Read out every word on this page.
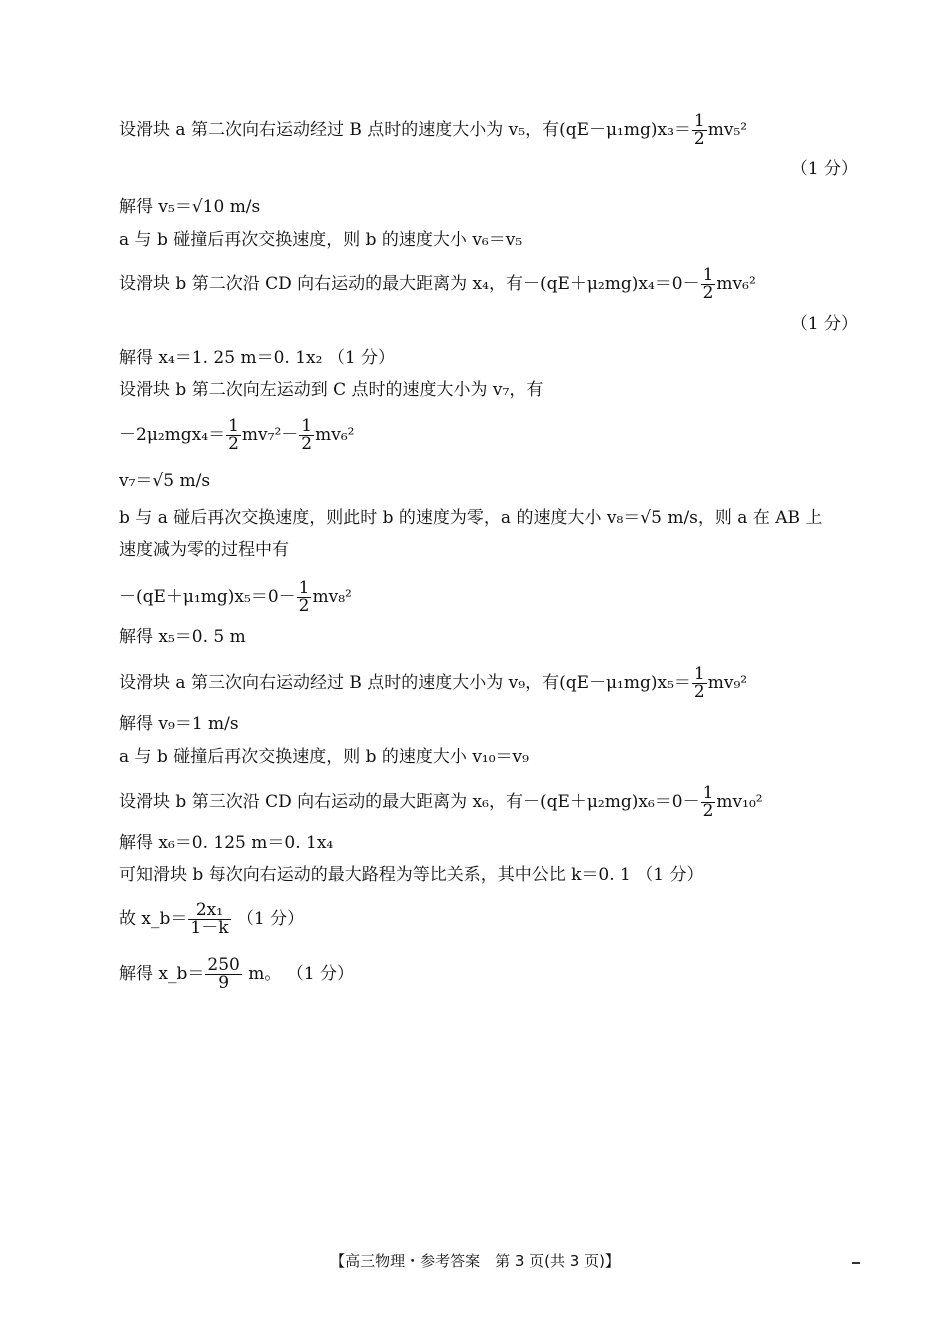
设滑块 a 第二次向右运动经过 B 点时的速度大小为 v₅，有$(qE-\mu_1mg)x_3= \frac{1}{2} mv_5^2$
（1 分）
解得 v₅＝√10 m/s
a 与 b 碰撞后再次交换速度，则 b 的速度大小 v₆＝v₅
设滑块 b 第二次沿 CD 向右运动的最大距离为 x₄，有$-(qE+\mu_2mg)x_4=0- \frac{1}{2} mv_6^2$
（1 分）
解得 x₄＝1. 25 m＝0. 1x₂ （1 分）
设滑块 b 第二次向左运动到 C 点时的速度大小为 v₇，有
$-2\mu_2mgx_4= \frac{1}{2} mv_7^2- \frac{1}{2} mv_6^2$
v₇＝√5 m/s
b 与 a 碰后再次交换速度，则此时 b 的速度为零，a 的速度大小 v₈＝√5 m/s，则 a 在 AB 上
速度减为零的过程中有
$-(qE+\mu_1mg)x_5=0- \frac{1}{2} mv_8^2$
解得 x₅＝0. 5 m
设滑块 a 第三次向右运动经过 B 点时的速度大小为 v₉，有$(qE-\mu_1mg)x_5= \frac{1}{2} mv_9^2$
解得 v₉＝1 m/s
a 与 b 碰撞后再次交换速度，则 b 的速度大小 v₁₀＝v₉
设滑块 b 第三次沿 CD 向右运动的最大距离为 x₆，有$-(qE+\mu_2mg)x_6=0- \frac{1}{2} mv_{10}^2$
解得 x₆＝0. 125 m＝0. 1x₄
可知滑块 b 每次向右运动的最大路程为等比关系，其中公比 k＝0. 1 （1 分）
故 x_b＝ $\frac{\text{2x₁}}{1-k} (1$ 分）
解得 x_b＝ $\frac{250}{9}$ m。 （1 分）
【高三物理・参考答案　第 3 页(共 3 页)】
